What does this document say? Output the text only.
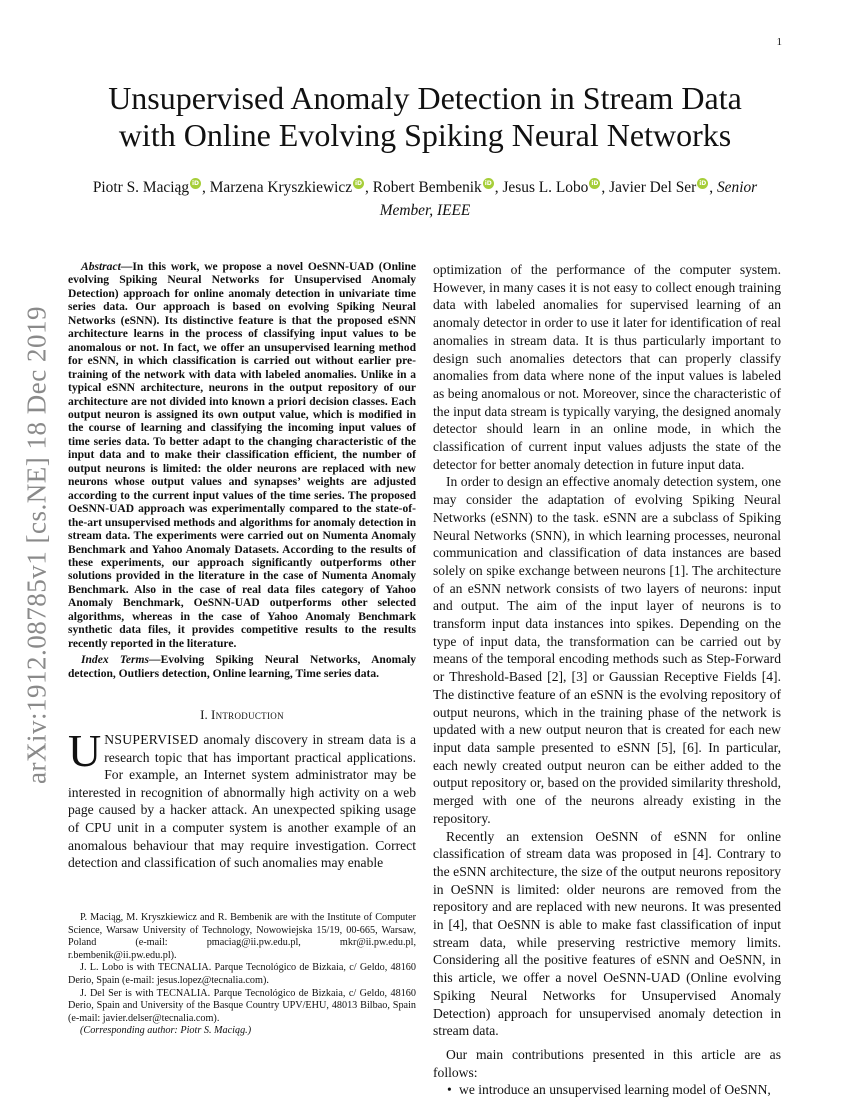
1
arXiv:1912.08785v1 [cs.NE] 18 Dec 2019
Unsupervised Anomaly Detection in Stream Data
with Online Evolving Spiking Neural Networks
Piotr S. Maciąg iD , Marzena Kryszkiewicz iD , Robert Bembenik iD , Jesus L. Lobo iD , Javier Del Ser iD , Senior Member, IEEE

Abstract—In this work, we propose a novel OeSNN-UAD (Online evolving Spiking Neural Networks for Unsupervised Anomaly Detection) approach for online anomaly detection in univariate time series data. Our approach is based on evolving Spiking Neural Networks (eSNN). Its distinctive feature is that the proposed eSNN architecture learns in the process of classifying input values to be anomalous or not. In fact, we offer an unsupervised learning method for eSNN, in which classification is carried out without earlier pre-training of the network with data with labeled anomalies. Unlike in a typical eSNN architecture, neurons in the output repository of our architecture are not divided into known a priori decision classes. Each output neuron is assigned its own output value, which is modified in the course of learning and classifying the incoming input values of time series data. To better adapt to the changing characteristic of the input data and to make their classification efficient, the number of output neurons is limited: the older neurons are replaced with new neurons whose output values and synapses’ weights are adjusted according to the current input values of the time series. The proposed OeSNN-UAD approach was experimentally compared to the state-of-the-art unsupervised methods and algorithms for anomaly detection in stream data. The experiments were carried out on Numenta Anomaly Benchmark and Yahoo Anomaly Datasets. According to the results of these experiments, our approach significantly outperforms other solutions provided in the literature in the case of Numenta Anomaly Benchmark. Also in the case of real data files category of Yahoo Anomaly Benchmark, OeSNN-UAD outperforms other selected algorithms, whereas in the case of Yahoo Anomaly Benchmark synthetic data files, it provides competitive results to the results recently reported in the literature.

Index Terms—Evolving Spiking Neural Networks, Anomaly detection, Outliers detection, Online learning, Time series data.

I. Introduction

UNSUPERVISED anomaly discovery in stream data is a research topic that has important practical applications. For example, an Internet system administrator may be interested in recognition of abnormally high activity on a web page caused by a hacker attack. An unexpected spiking usage of CPU unit in a computer system is another example of an anomalous behaviour that may require investigation. Correct detection and classification of such anomalies may enable

P. Maciąg, M. Kryszkiewicz and R. Bembenik are with the Institute of Computer Science, Warsaw University of Technology, Nowowiejska 15/19, 00-665, Warsaw, Poland (e-mail: pmaciag@ii.pw.edu.pl, mkr@ii.pw.edu.pl, r.bembenik@ii.pw.edu.pl).

J. L. Lobo is with TECNALIA. Parque Tecnológico de Bizkaia, c/ Geldo, 48160 Derio, Spain (e-mail: jesus.lopez@tecnalia.com).

J. Del Ser is with TECNALIA. Parque Tecnológico de Bizkaia, c/ Geldo, 48160 Derio, Spain and University of the Basque Country UPV/EHU, 48013 Bilbao, Spain (e-mail: javier.delser@tecnalia.com).

(Corresponding author: Piotr S. Maciąg.)

optimization of the performance of the computer system. However, in many cases it is not easy to collect enough training data with labeled anomalies for supervised learning of an anomaly detector in order to use it later for identification of real anomalies in stream data. It is thus particularly important to design such anomalies detectors that can properly classify anomalies from data where none of the input values is labeled as being anomalous or not. Moreover, since the characteristic of the input data stream is typically varying, the designed anomaly detector should learn in an online mode, in which the classification of current input values adjusts the state of the detector for better anomaly detection in future input data.

In order to design an effective anomaly detection system, one may consider the adaptation of evolving Spiking Neural Networks (eSNN) to the task. eSNN are a subclass of Spiking Neural Networks (SNN), in which learning processes, neuronal communication and classification of data instances are based solely on spike exchange between neurons [1]. The architecture of an eSNN network consists of two layers of neurons: input and output. The aim of the input layer of neurons is to transform input data instances into spikes. Depending on the type of input data, the transformation can be carried out by means of the temporal encoding methods such as Step-Forward or Threshold-Based [2], [3] or Gaussian Receptive Fields [4]. The distinctive feature of an eSNN is the evolving repository of output neurons, which in the training phase of the network is updated with a new output neuron that is created for each new input data sample presented to eSNN [5], [6]. In particular, each newly created output neuron can be either added to the output repository or, based on the provided similarity threshold, merged with one of the neurons already existing in the repository.

Recently an extension OeSNN of eSNN for online classification of stream data was proposed in [4]. Contrary to the eSNN architecture, the size of the output neurons repository in OeSNN is limited: older neurons are removed from the repository and are replaced with new neurons. It was presented in [4], that OeSNN is able to make fast classification of input stream data, while preserving restrictive memory limits. Considering all the positive features of eSNN and OeSNN, in this article, we offer a novel OeSNN-UAD (Online evolving Spiking Neural Networks for Unsupervised Anomaly Detection) approach for unsupervised anomaly detection in stream data.

Our main contributions presented in this article are as follows:

• we introduce an unsupervised learning model of OeSNN,
